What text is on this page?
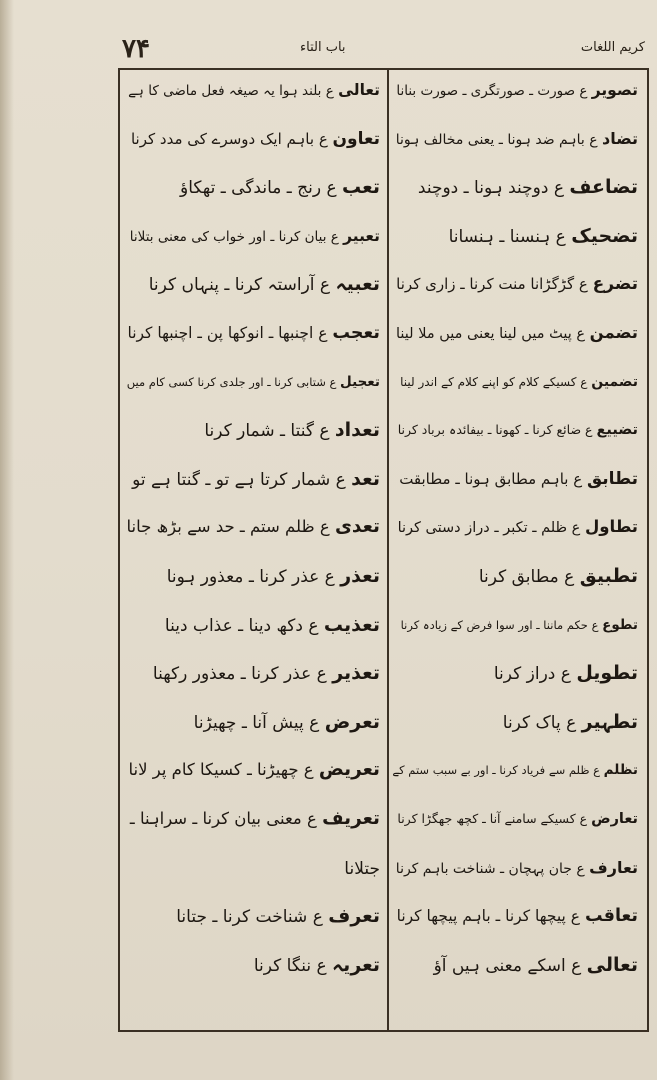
۷۴	باب التاء	کریم اللغات
تصویر ع صورت ـ صورتگری ـ صورت بنانا
تضاد ع باہم ضد ہونا ـ یعنی مخالف ہونا
تضاعف ع دوچند ہونا ـ دوچند
تضحیک ع ہنسنا ـ ہنسانا
تضرع ع گڑگڑانا منت کرنا ـ زاری کرنا
تضمن ع پیٹ میں لینا یعنی میں ملا لینا
تضمین ع کسیکے کلام کو اپنے کلام کے اندر لینا
تضییع ع ضائع کرنا ـ کھونا ـ بیفائدہ برباد کرنا
تطابق ع باہم مطابق ہونا ـ مطابقت
تطاول ع ظلم ـ تکبر ـ دراز دستی کرنا
تطبیق ع مطابق کرنا
تطوع ع حکم ماننا ـ اور سوا فرض کے زیادہ کرنا
تطویل ع دراز کرنا
تطہیر ع پاک کرنا
تظلم ع ظلم سے فریاد کرنا ـ اور بے سبب ستم کے
تعارض ع کسیکے سامنے آنا ـ کچھ جھگڑا کرنا
تعارف ع جان پہچان ـ شناخت باہم کرنا
تعاقب ع پیچھا کرنا ـ باہم پیچھا کرنا
تعالی ع اسکے معنی ہیں آؤ
تعالی ع بلند ہوا یہ صیغہ فعل ماضی کا ہے
تعاون ع باہم ایک دوسرے کی مدد کرنا
تعب ع رنج ـ ماندگی ـ تھکاؤ
تعبیر ع بیان کرنا ـ اور خواب کی معنی بتلانا
تعبیہ ع آراستہ کرنا ـ پنہاں کرنا
تعجب ع اچنبھا ـ انوکھا پن ـ اچنبھا کرنا
تعجیل ع شتابی کرنا ـ اور جلدی کرنا کسی کام میں
تعداد ع گنتا ـ شمار کرنا
تعد ع شمار کرتا ہے تو ـ گنتا ہے تو
تعدی ع ظلم ستم ـ حد سے بڑھ جانا
تعذر ع عذر کرنا ـ معذور ہونا
تعذیب ع دکھ دینا ـ عذاب دینا
تعذیر ع عذر کرنا ـ معذور رکھنا
تعرض ع پیش آنا ـ چھیڑنا
تعریض ع چھیڑنا ـ کسیکا کام پر لانا
تعریف ع معنی بیان کرنا ـ سراہنا ـ
جتلانا
تعرف ع شناخت کرنا ـ جتانا
تعریہ ع ننگا کرنا
